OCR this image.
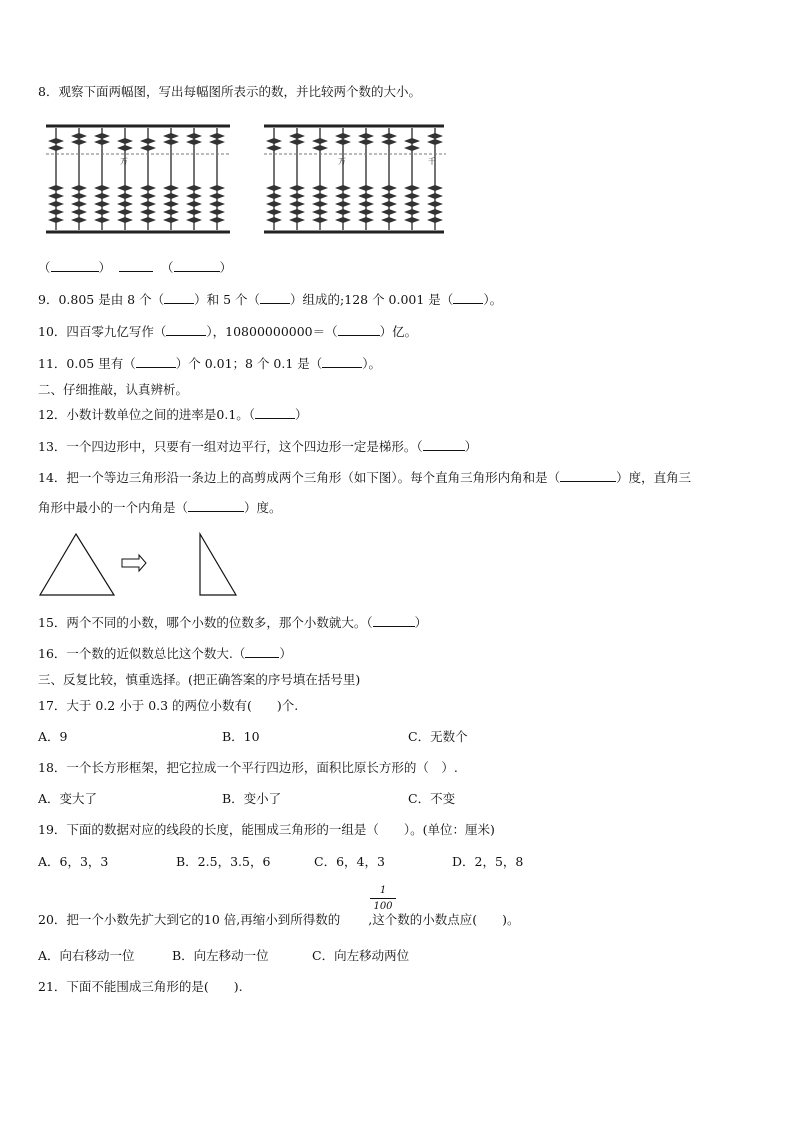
8．观察下面两幅图，写出每幅图所表示的数，并比较两个数的大小。
万	万	千
（	）	（	）
9．0.805 是由 8 个（ ）和 5 个（ ）组成的;128 个 0.001 是（ ）。
10．四百零九亿写作（	），10800000000＝（	）亿。
11．0.05 里有（	）个 0.01；8 个 0.1 是（	）。
二、仔细推敲，认真辨析。
12．小数计数单位之间的进率是0.1。（	）
13．一个四边形中，只要有一组对边平行，这个四边形一定是梯形。（	）
14．把一个等边三角形沿一条边上的高剪成两个三角形（如下图）。每个直角三角形内角和是（	）度，直角三
角形中最小的一个内角是（	）度。
15．两个不同的小数，哪个小数的位数多，那个小数就大。（	）
16．一个数的近似数总比这个数大.（	）
三、反复比较，慎重选择。(把正确答案的序号填在括号里)
17．大于 0.2 小于 0.3 的两位小数有(　　)个.
A．9	B．10	C．无数个
18．一个长方形框架，把它拉成一个平行四边形，面积比原长方形的（　）.
A．变大了	B．变小了	C．不变
19．下面的数据对应的线段的长度，能围成三角形的一组是（　　）。(单位：厘米)
A．6，3，3	B．2.5，3.5，6	C．6，4，3	D．2，5，8
1
100
20．把一个小数先扩大到它的10 倍,再缩小到所得数的 ,这个数的小数点应(　　)。
A．向右移动一位	B．向左移动一位	C．向左移动两位
21．下面不能围成三角形的是(　　).
